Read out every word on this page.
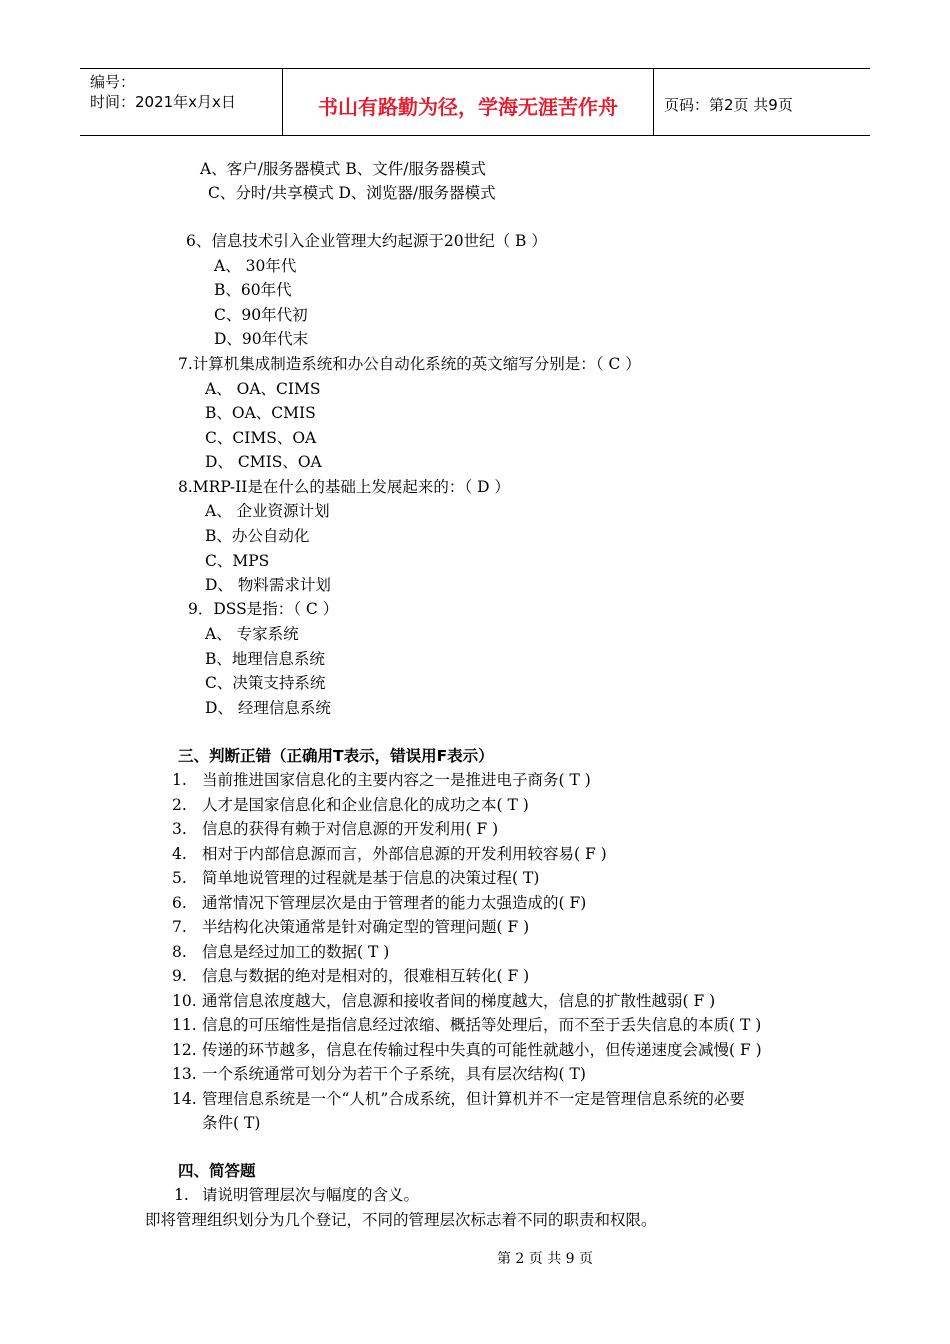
编号：
时间：2021年x月x日	书山有路勤为径，学海无涯苦作舟	页码：第2页 共9页
A、客户/服务器模式 B、文件/服务器模式
C、分时/共享模式 D、浏览器/服务器模式
6、信息技术引入企业管理大约起源于20世纪（ B ）
A、 30年代
B、60年代
C、90年代初
D、90年代末
7.计算机集成制造系统和办公自动化系统的英文缩写分别是：（ C ）
A、 OA、CIMS
B、OA、CMIS
C、CIMS、OA
D、 CMIS、OA
8.MRP-II是在什么的基础上发展起来的：（ D ）
A、 企业资源计划
B、办公自动化
C、MPS
D、 物料需求计划
9．DSS是指：（ C ）
A、 专家系统
B、地理信息系统
C、决策支持系统
D、 经理信息系统
三、判断正错（正确用T表示，错误用F表示）
1. 当前推进国家信息化的主要内容之一是推进电子商务( T )
2. 人才是国家信息化和企业信息化的成功之本( T )
3. 信息的获得有赖于对信息源的开发利用( F )
4. 相对于内部信息源而言，外部信息源的开发利用较容易( F )
5. 简单地说管理的过程就是基于信息的决策过程( T)
6. 通常情况下管理层次是由于管理者的能力太强造成的( F)
7. 半结构化决策通常是针对确定型的管理问题( F )
8. 信息是经过加工的数据( T )
9. 信息与数据的绝对是相对的，很难相互转化( F )
10. 通常信息浓度越大，信息源和接收者间的梯度越大，信息的扩散性越弱( F )
11. 信息的可压缩性是指信息经过浓缩、概括等处理后，而不至于丢失信息的本质( T )
12. 传递的环节越多，信息在传输过程中失真的可能性就越小，但传递速度会减慢( F )
13. 一个系统通常可划分为若干个子系统，具有层次结构( T)
14. 管理信息系统是一个“人机”合成系统，但计算机并不一定是管理信息系统的必要
条件( T)
四、简答题
1. 请说明管理层次与幅度的含义。
即将管理组织划分为几个登记，不同的管理层次标志着不同的职责和权限。
第 2 页 共 9 页
